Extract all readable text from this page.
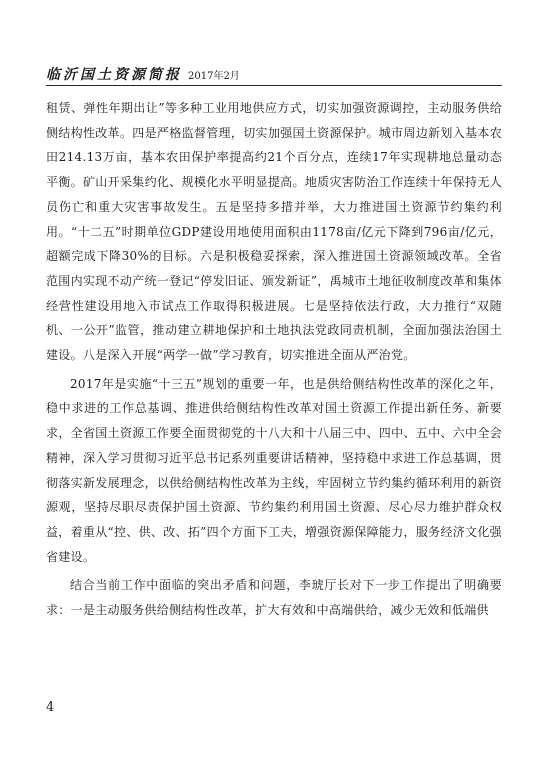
临沂国土资源简报 2017年2月

租赁、弹性年期出让”等多种工业用地供应方式，切实加强资源调控，主动服务供给侧结构性改革。四是严格监督管理，切实加强国土资源保护。城市周边新划入基本农田214.13万亩，基本农田保护率提高约21个百分点，连续17年实现耕地总量动态平衡。矿山开采集约化、规模化水平明显提高。地质灾害防治工作连续十年保持无人员伤亡和重大灾害事故发生。五是坚持多措并举，大力推进国土资源节约集约利用。“十二五”时期单位GDP建设用地使用面积由1178亩/亿元下降到796亩/亿元，超额完成下降30%的目标。六是积极稳妥探索，深入推进国土资源领域改革。全省范围内实现不动产统一登记“停发旧证、颁发新证”，禹城市土地征收制度改革和集体经营性建设用地入市试点工作取得积极进展。七是坚持依法行政，大力推行“双随机、一公开”监管，推动建立耕地保护和土地执法党政同责机制，全面加强法治国土建设。八是深入开展“两学一做”学习教育，切实推进全面从严治党。

2017年是实施“十三五”规划的重要一年，也是供给侧结构性改革的深化之年，稳中求进的工作总基调、推进供给侧结构性改革对国土资源工作提出新任务、新要求，全省国土资源工作要全面贯彻党的十八大和十八届三中、四中、五中、六中全会精神，深入学习贯彻习近平总书记系列重要讲话精神，坚持稳中求进工作总基调，贯彻落实新发展理念，以供给侧结构性改革为主线，牢固树立节约集约循环利用的新资源观，坚持尽职尽责保护国土资源、节约集约利用国土资源、尽心尽力维护群众权益，着重从“控、供、改、拓”四个方面下工夫，增强资源保障能力，服务经济文化强省建设。

结合当前工作中面临的突出矛盾和问题，李琥厅长对下一步工作提出了明确要求：一是主动服务供给侧结构性改革，扩大有效和中高端供给，减少无效和低端供

4
